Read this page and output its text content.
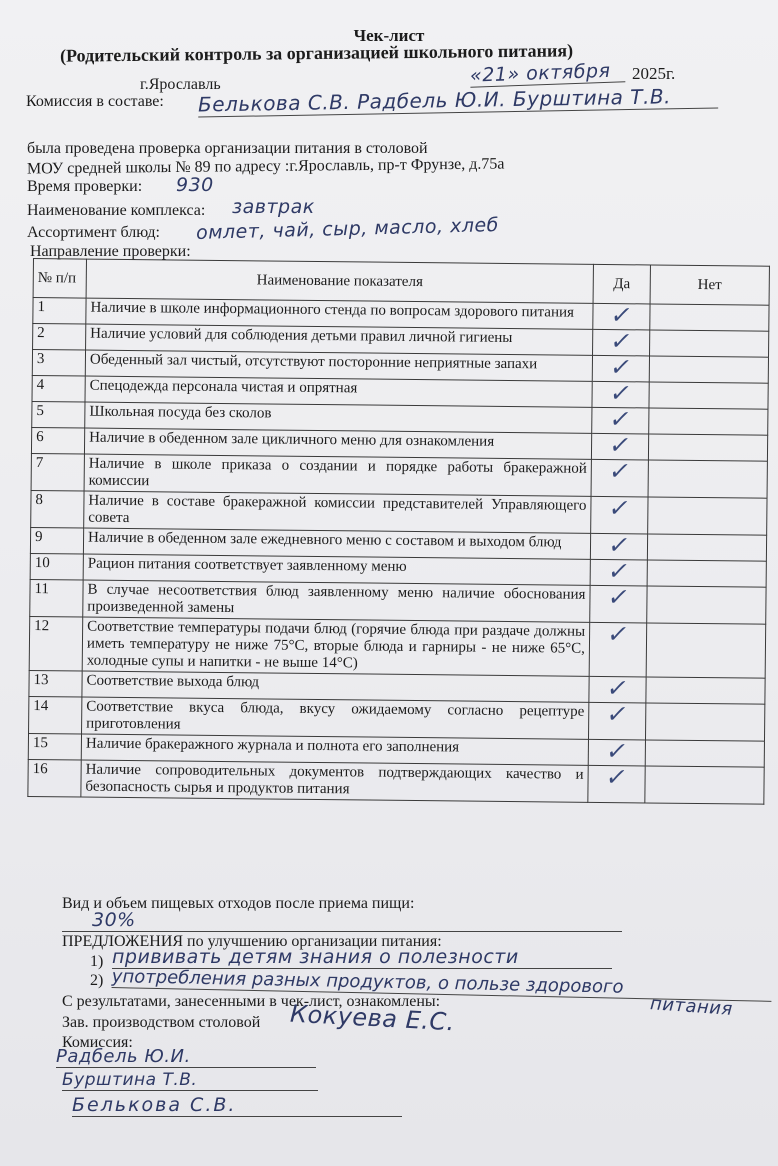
Чек-лист
(Родительский контроль за организацией школьного питания)
г.Ярославль	«21» октября	2025г.
Комиссия в составе: Белькова С.В. Радбель Ю.И. Бурштина Т.В.
была проведена проверка организации питания в столовой
МОУ средней школы № 89 по адресу :г.Ярославль, пр-т Фрунзе, д.75а
Время проверки: 930
Наименование комплекса: завтрак
Ассортимент блюд: омлет, чай, сыр, масло, хлеб
Направление проверки:
№ п/п	Наименование показателя	Да	Нет
1	Наличие в школе информационного стенда по вопросам здорового питания	✓	
2	Наличие условий для соблюдения детьми правил личной гигиены	✓	
3	Обеденный зал чистый, отсутствуют посторонние неприятные запахи	✓	
4	Спецодежда персонала чистая и опрятная	✓	
5	Школьная посуда без сколов	✓	
6	Наличие в обеденном зале цикличного меню для ознакомления	✓	
7	Наличие в школе приказа о создании и порядке работы бракеражной комиссии	✓	
8	Наличие в составе бракеражной комиссии представителей Управляющего совета	✓	
9	Наличие в обеденном зале ежедневного меню с составом и выходом блюд	✓	
10	Рацион питания соответствует заявленному меню	✓	
11	В случае несоответствия блюд заявленному меню наличие обоснования произведенной замены	✓	
12	Соответствие температуры подачи блюд (горячие блюда при раздаче должны иметь температуру не ниже 75°С, вторые блюда и гарниры - не ниже 65°С, холодные супы и напитки - не выше 14°С)	✓	
13	Соответствие выхода блюд	✓	
14	Соответствие вкуса блюда, вкусу ожидаемому согласно рецептуре приготовления	✓	
15	Наличие бракеражного журнала и полнота его заполнения	✓	
16	Наличие сопроводительных документов подтверждающих качество и безопасность сырья и продуктов питания	✓	
Вид и объем пищевых отходов после приема пищи:
30%
ПРЕДЛОЖЕНИЯ по улучшению организации питания:
1) прививать детям знания о полезности
2) употребления разных продуктов, о пользе здорового
питания
С результатами, занесенными в чек-лист, ознакомлены:
Зав. производством столовой Кокуева Е.С.
Комиссия:
Радбель Ю.И.
Бурштина Т.В.
Белькова С.В.
